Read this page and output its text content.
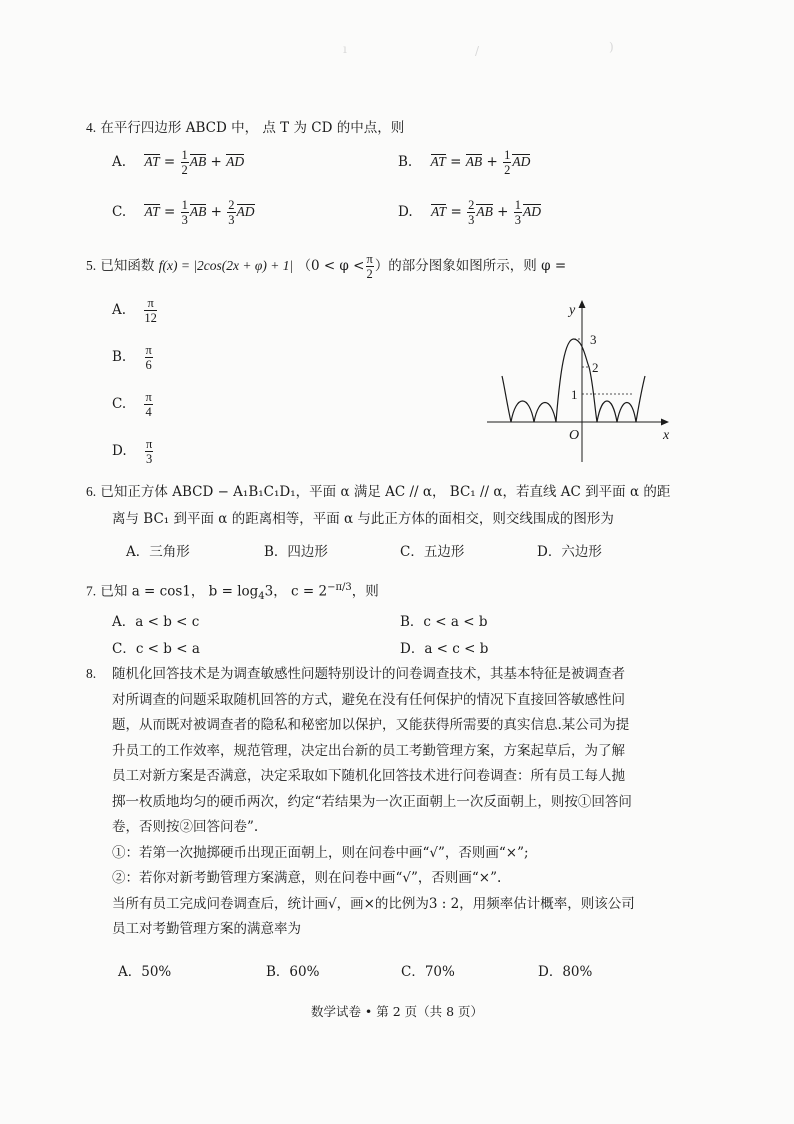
ı	/	)
4. 在平行四边形 ABCD 中， 点 T 为 CD 的中点，则
A. AT = $\frac{1}{2}$ AB + AD	B. AT = AB + $\frac{1}{2}$ AD
C. AT = $\frac{1}{3}$ AB + $\frac{2}{3}$ AD	D. AT = $\frac{2}{3}$ AB + $\frac{1}{3}$ AD
5. 已知函数 f(x) = |2cos(2x + φ) + 1| （$0 < \varphi < \frac{\pi}{2}$ ）的部分图象如图所示，则 φ =
A. $\frac{\pi}{12}$
B. $\frac{\pi}{6}$
C. $\frac{\pi}{4}$
D. $\frac{\pi}{3}$
y
x
O
3
2
1
6. 已知正方体 ABCD − A₁B₁C₁D₁，平面 α 满足 AC // α， BC₁ // α，若直线 AC 到平面 α 的距
离与 BC₁ 到平面 α 的距离相等，平面 α 与此正方体的面相交，则交线围成的图形为
A．三角形	B．四边形	C．五边形	D．六边形
7. 已知 a = cos1， $b = \log_43$， $c = 2^{-\pi/3}$，则
A．a < b < c	B．c < a < b
C．c < b < a	D．a < c < b
8. 随机化回答技术是为调查敏感性问题特别设计的问卷调查技术，其基本特征是被调查者
对所调查的问题采取随机回答的方式，避免在没有任何保护的情况下直接回答敏感性问
题，从而既对被调查者的隐私和秘密加以保护，又能获得所需要的真实信息.某公司为提
升员工的工作效率，规范管理，决定出台新的员工考勤管理方案，方案起草后，为了解
员工对新方案是否满意，决定采取如下随机化回答技术进行问卷调查：所有员工每人抛
掷一枚质地均匀的硬币两次，约定“若结果为一次正面朝上一次反面朝上，则按①回答问
卷，否则按②回答问卷”.
①：若第一次抛掷硬币出现正面朝上，则在问卷中画“√”，否则画“×”;
②：若你对新考勤管理方案满意，则在问卷中画“√”，否则画“×”.
当所有员工完成问卷调查后，统计画√，画×的比例为3 : 2，用频率估计概率，则该公司
员工对考勤管理方案的满意率为
A．50%	B．60%	C．70%	D．80%
数学试卷 • 第 2 页（共 8 页）
